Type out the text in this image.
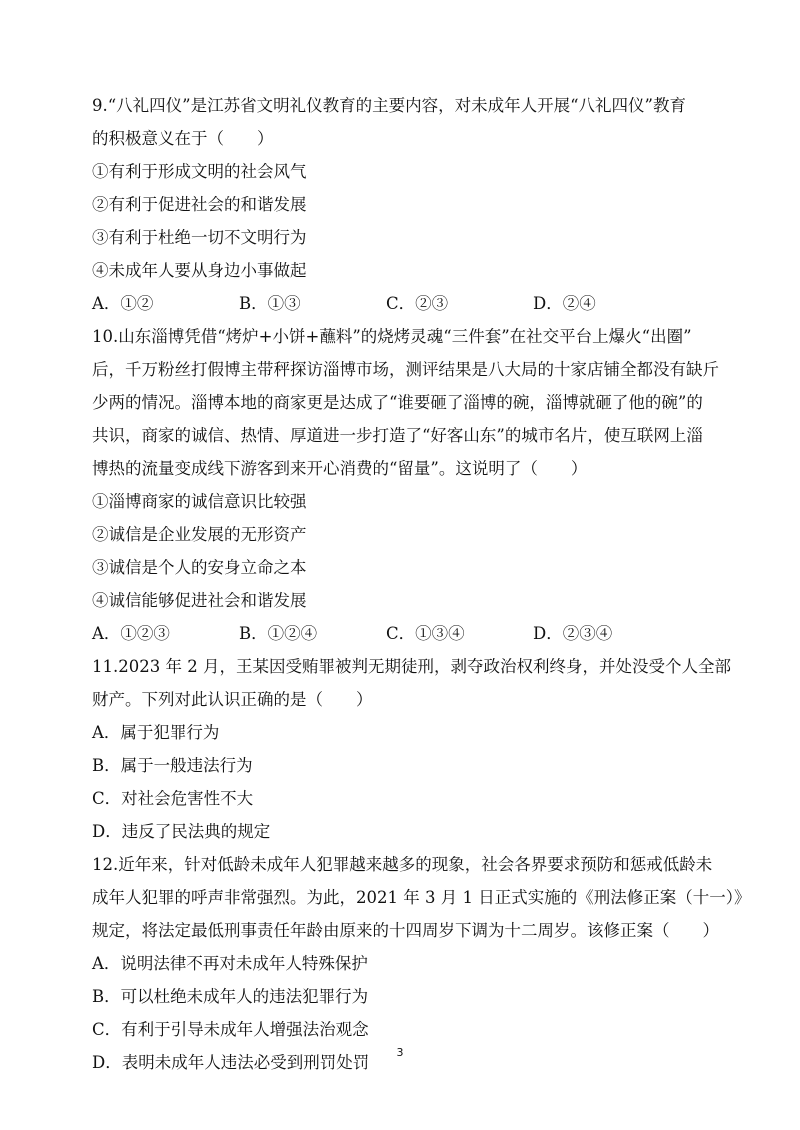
9.“八礼四仪”是江苏省文明礼仪教育的主要内容，对未成年人开展“八礼四仪”教育
的积极意义在于（　　）
①有利于形成文明的社会风气
②有利于促进社会的和谐发展
③有利于杜绝一切不文明行为
④未成年人要从身边小事做起
A．①②	B．①③	C．②③	D．②④
10.山东淄博凭借“烤炉+小饼+蘸料”的烧烤灵魂“三件套”在社交平台上爆火“出圈”
后，千万粉丝打假博主带秤探访淄博市场，测评结果是八大局的十家店铺全都没有缺斤
少两的情况。淄博本地的商家更是达成了“谁要砸了淄博的碗，淄博就砸了他的碗”的
共识，商家的诚信、热情、厚道进一步打造了“好客山东”的城市名片，使互联网上淄
博热的流量变成线下游客到来开心消费的“留量”。这说明了（　　）
①淄博商家的诚信意识比较强
②诚信是企业发展的无形资产
③诚信是个人的安身立命之本
④诚信能够促进社会和谐发展
A．①②③	B．①②④	C．①③④	D．②③④
11.2023 年 2 月，王某因受贿罪被判无期徒刑，剥夺政治权利终身，并处没受个人全部
财产。下列对此认识正确的是（　　）
A．属于犯罪行为
B．属于一般违法行为
C．对社会危害性不大
D．违反了民法典的规定
12.近年来，针对低龄未成年人犯罪越来越多的现象，社会各界要求预防和惩戒低龄未
成年人犯罪的呼声非常强烈。为此，2021 年 3 月 1 日正式实施的《刑法修正案（十一）》
规定，将法定最低刑事责任年龄由原来的十四周岁下调为十二周岁。该修正案（　　）
A．说明法律不再对未成年人特殊保护
B．可以杜绝未成年人的违法犯罪行为
C．有利于引导未成年人增强法治观念
D．表明未成年人违法必受到刑罚处罚
3
